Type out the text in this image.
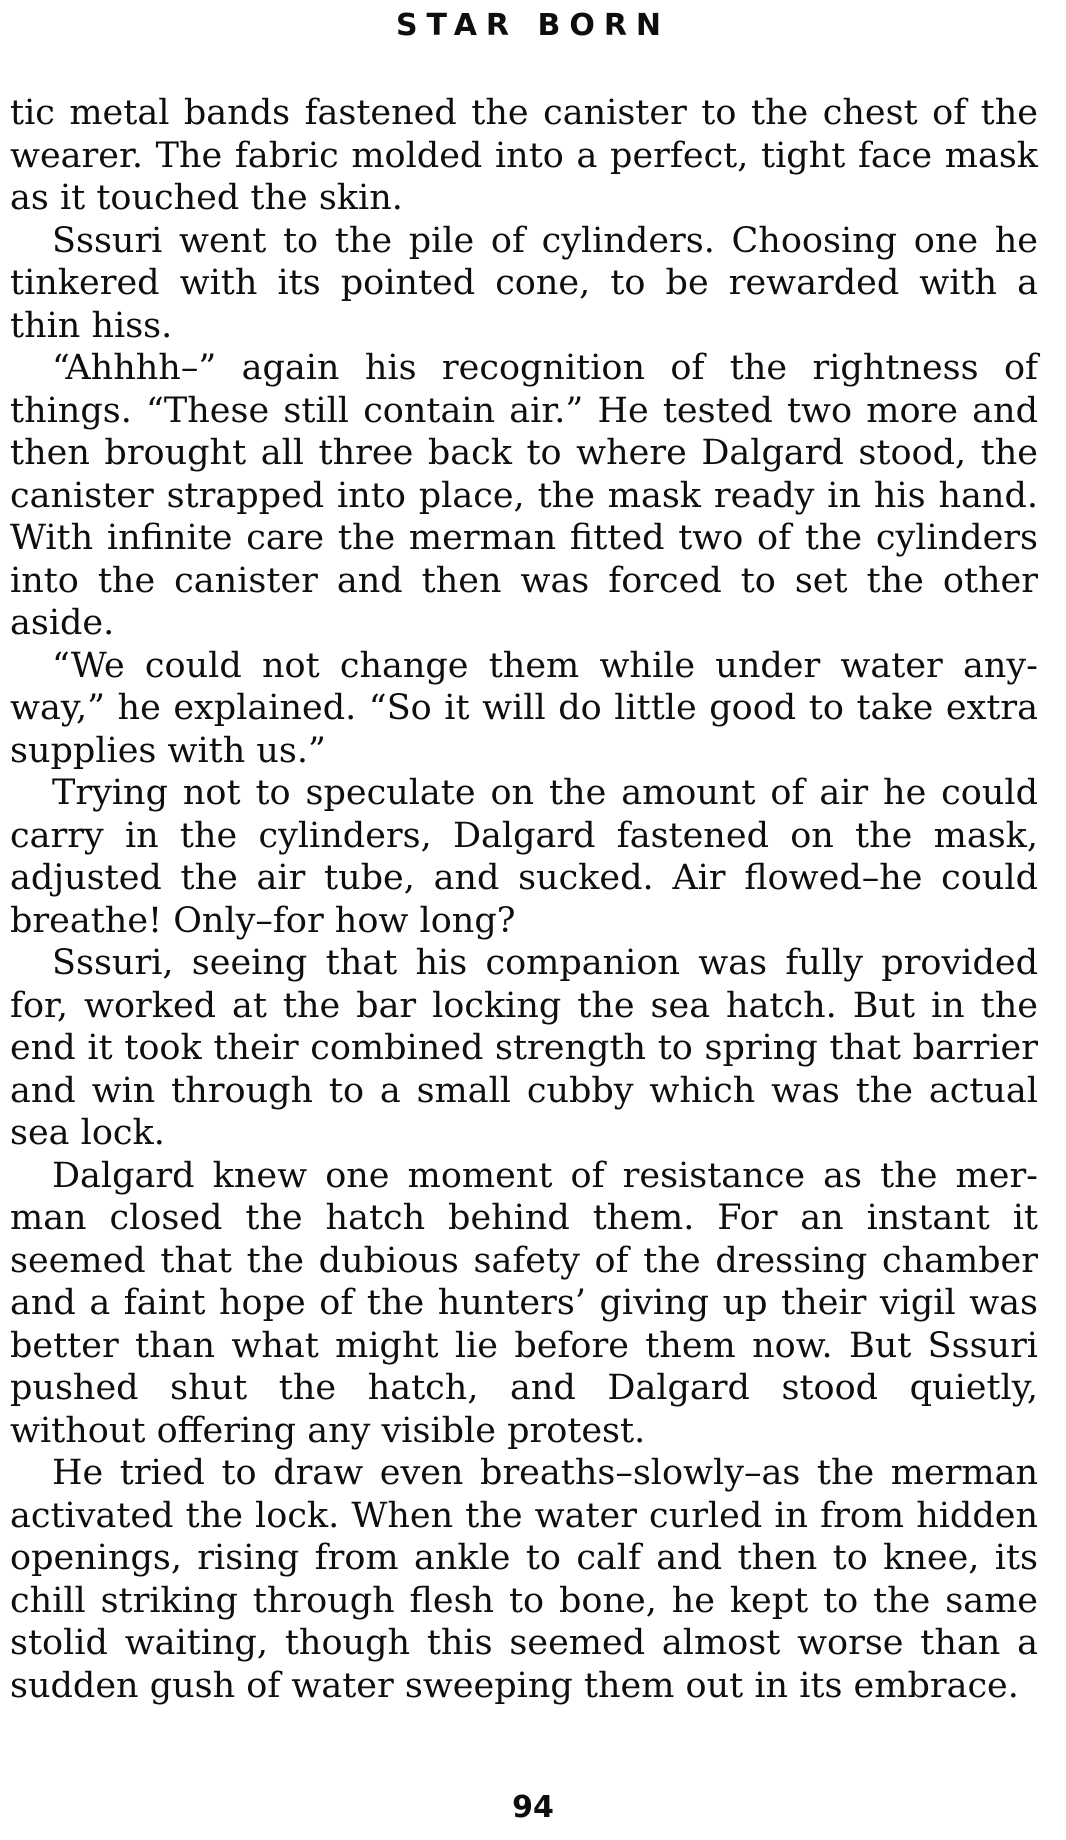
STAR BORN

tic metal bands fastened the canister to the chest of the wearer. The fabric molded into a perfect, tight face mask as it touched the skin.

Sssuri went to the pile of cylinders. Choosing one he tinkered with its pointed cone, to be rewarded with a thin hiss.

“Ahhhh–” again his recognition of the rightness of things. “These still contain air.” He tested two more and then brought all three back to where Dalgard stood, the canister strapped into place, the mask ready in his hand. With infinite care the merman fitted two of the cylinders into the canister and then was forced to set the other aside.

“We could not change them while under water anyway,” he explained. “So it will do little good to take extra supplies with us.”

Trying not to speculate on the amount of air he could carry in the cylinders, Dalgard fastened on the mask, adjusted the air tube, and sucked. Air flowed–he could breathe! Only–for how long?

Sssuri, seeing that his companion was fully provided for, worked at the bar locking the sea hatch. But in the end it took their combined strength to spring that barrier and win through to a small cubby which was the actual sea lock.

Dalgard knew one moment of resistance as the merman closed the hatch behind them. For an instant it seemed that the dubious safety of the dressing chamber and a faint hope of the hunters’ giving up their vigil was better than what might lie before them now. But Sssuri pushed shut the hatch, and Dalgard stood quietly, without offering any visible protest.

He tried to draw even breaths–slowly–as the merman activated the lock. When the water curled in from hidden openings, rising from ankle to calf and then to knee, its chill striking through flesh to bone, he kept to the same stolid waiting, though this seemed almost worse than a sudden gush of water sweeping them out in its embrace.

94
